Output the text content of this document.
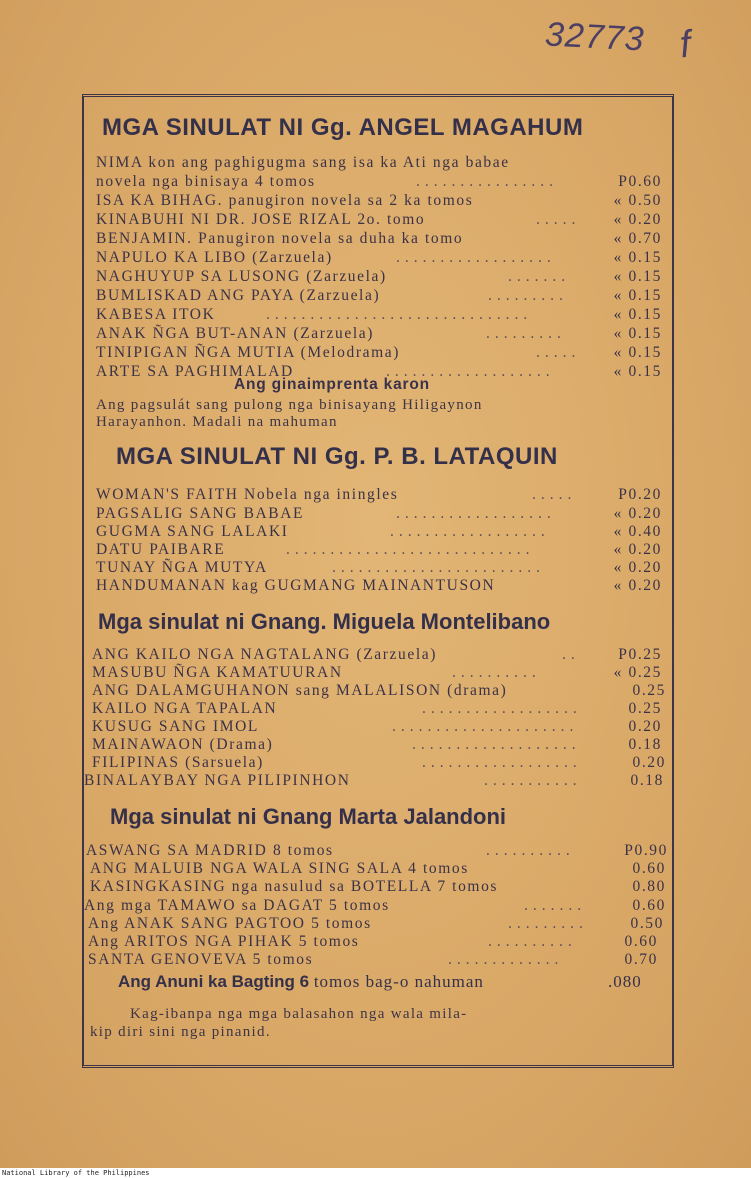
32773 f
MGA SINULAT NI Gg. ANGEL MAGAHUM
NIMA kon ang paghigugma sang isa ka Ati nga babae
novela nga binisaya 4 tomos	................	P0.60
ISA KA BIHAG. panugiron novela sa 2 ka tomos	« 0.50
KINABUHI NI DR. JOSE RIZAL 2o. tomo	.....	« 0.20
BENJAMIN. Panugiron novela sa duha ka tomo	« 0.70
NAPULO KA LIBO (Zarzuela)	..................	« 0.15
NAGHUYUP SA LUSONG (Zarzuela)	.......	« 0.15
BUMLISKAD ANG PAYA (Zarzuela)	.........	« 0.15
KABESA ITOK	..............................	« 0.15
ANAK ÑGA BUT-ANAN (Zarzuela)	.........	« 0.15
TINIPIGAN ÑGA MUTIA (Melodrama)	.....	« 0.15
ARTE SA PAGHIMALAD	...................	« 0.15
Ang ginaimprenta karon
Ang pagsulát sang pulong nga binisayang Hiligaynon
Harayanhon. Madali na mahuman
MGA SINULAT NI Gg. P. B. LATAQUIN
WOMAN'S FAITH Nobela nga iningles	.....	P0.20
PAGSALIG SANG BABAE	..................	« 0.20
GUGMA SANG LALAKI	..................	« 0.40
DATU PAIBARE	............................	« 0.20
TUNAY ÑGA MUTYA	........................	« 0.20
HANDUMANAN kag GUGMANG MAINANTUSON	« 0.20
Mga sinulat ni Gnang. Miguela Montelibano
ANG KAILO NGA NAGTALANG (Zarzuela)	..	P0.25
MASUBU ÑGA KAMATUURAN	..........	« 0.25
ANG DALAMGUHANON sang MALALISON (drama)	0.25
KAILO NGA TAPALAN	..................	0.25
KUSUG SANG IMOL	.....................	0.20
MAINAWAON (Drama)	...................	0.18
FILIPINAS (Sarsuela)	..................	0.20
BINALAYBAY NGA PILIPINHON	...........	0.18
Mga sinulat ni Gnang Marta Jalandoni
ASWANG SA MADRID 8 tomos	..........	P0.90
ANG MALUIB NGA WALA SING SALA 4 tomos	0.60
KASINGKASING nga nasulud sa BOTELLA 7 tomos	0.80
Ang mga TAMAWO sa DAGAT 5 tomos	.......	0.60
Ang ANAK SANG PAGTOO 5 tomos	.........	0.50
Ang ARITOS NGA PIHAK 5 tomos	..........	0.60
SANTA GENOVEVA 5 tomos	.............	0.70
Ang Anuni ka Bagting 6 tomos bag-o nahuman	.080
Kag-ibanpa nga mga balasahon nga wala mila-
kip diri sini nga pinanid.
National Library of the Philippines
